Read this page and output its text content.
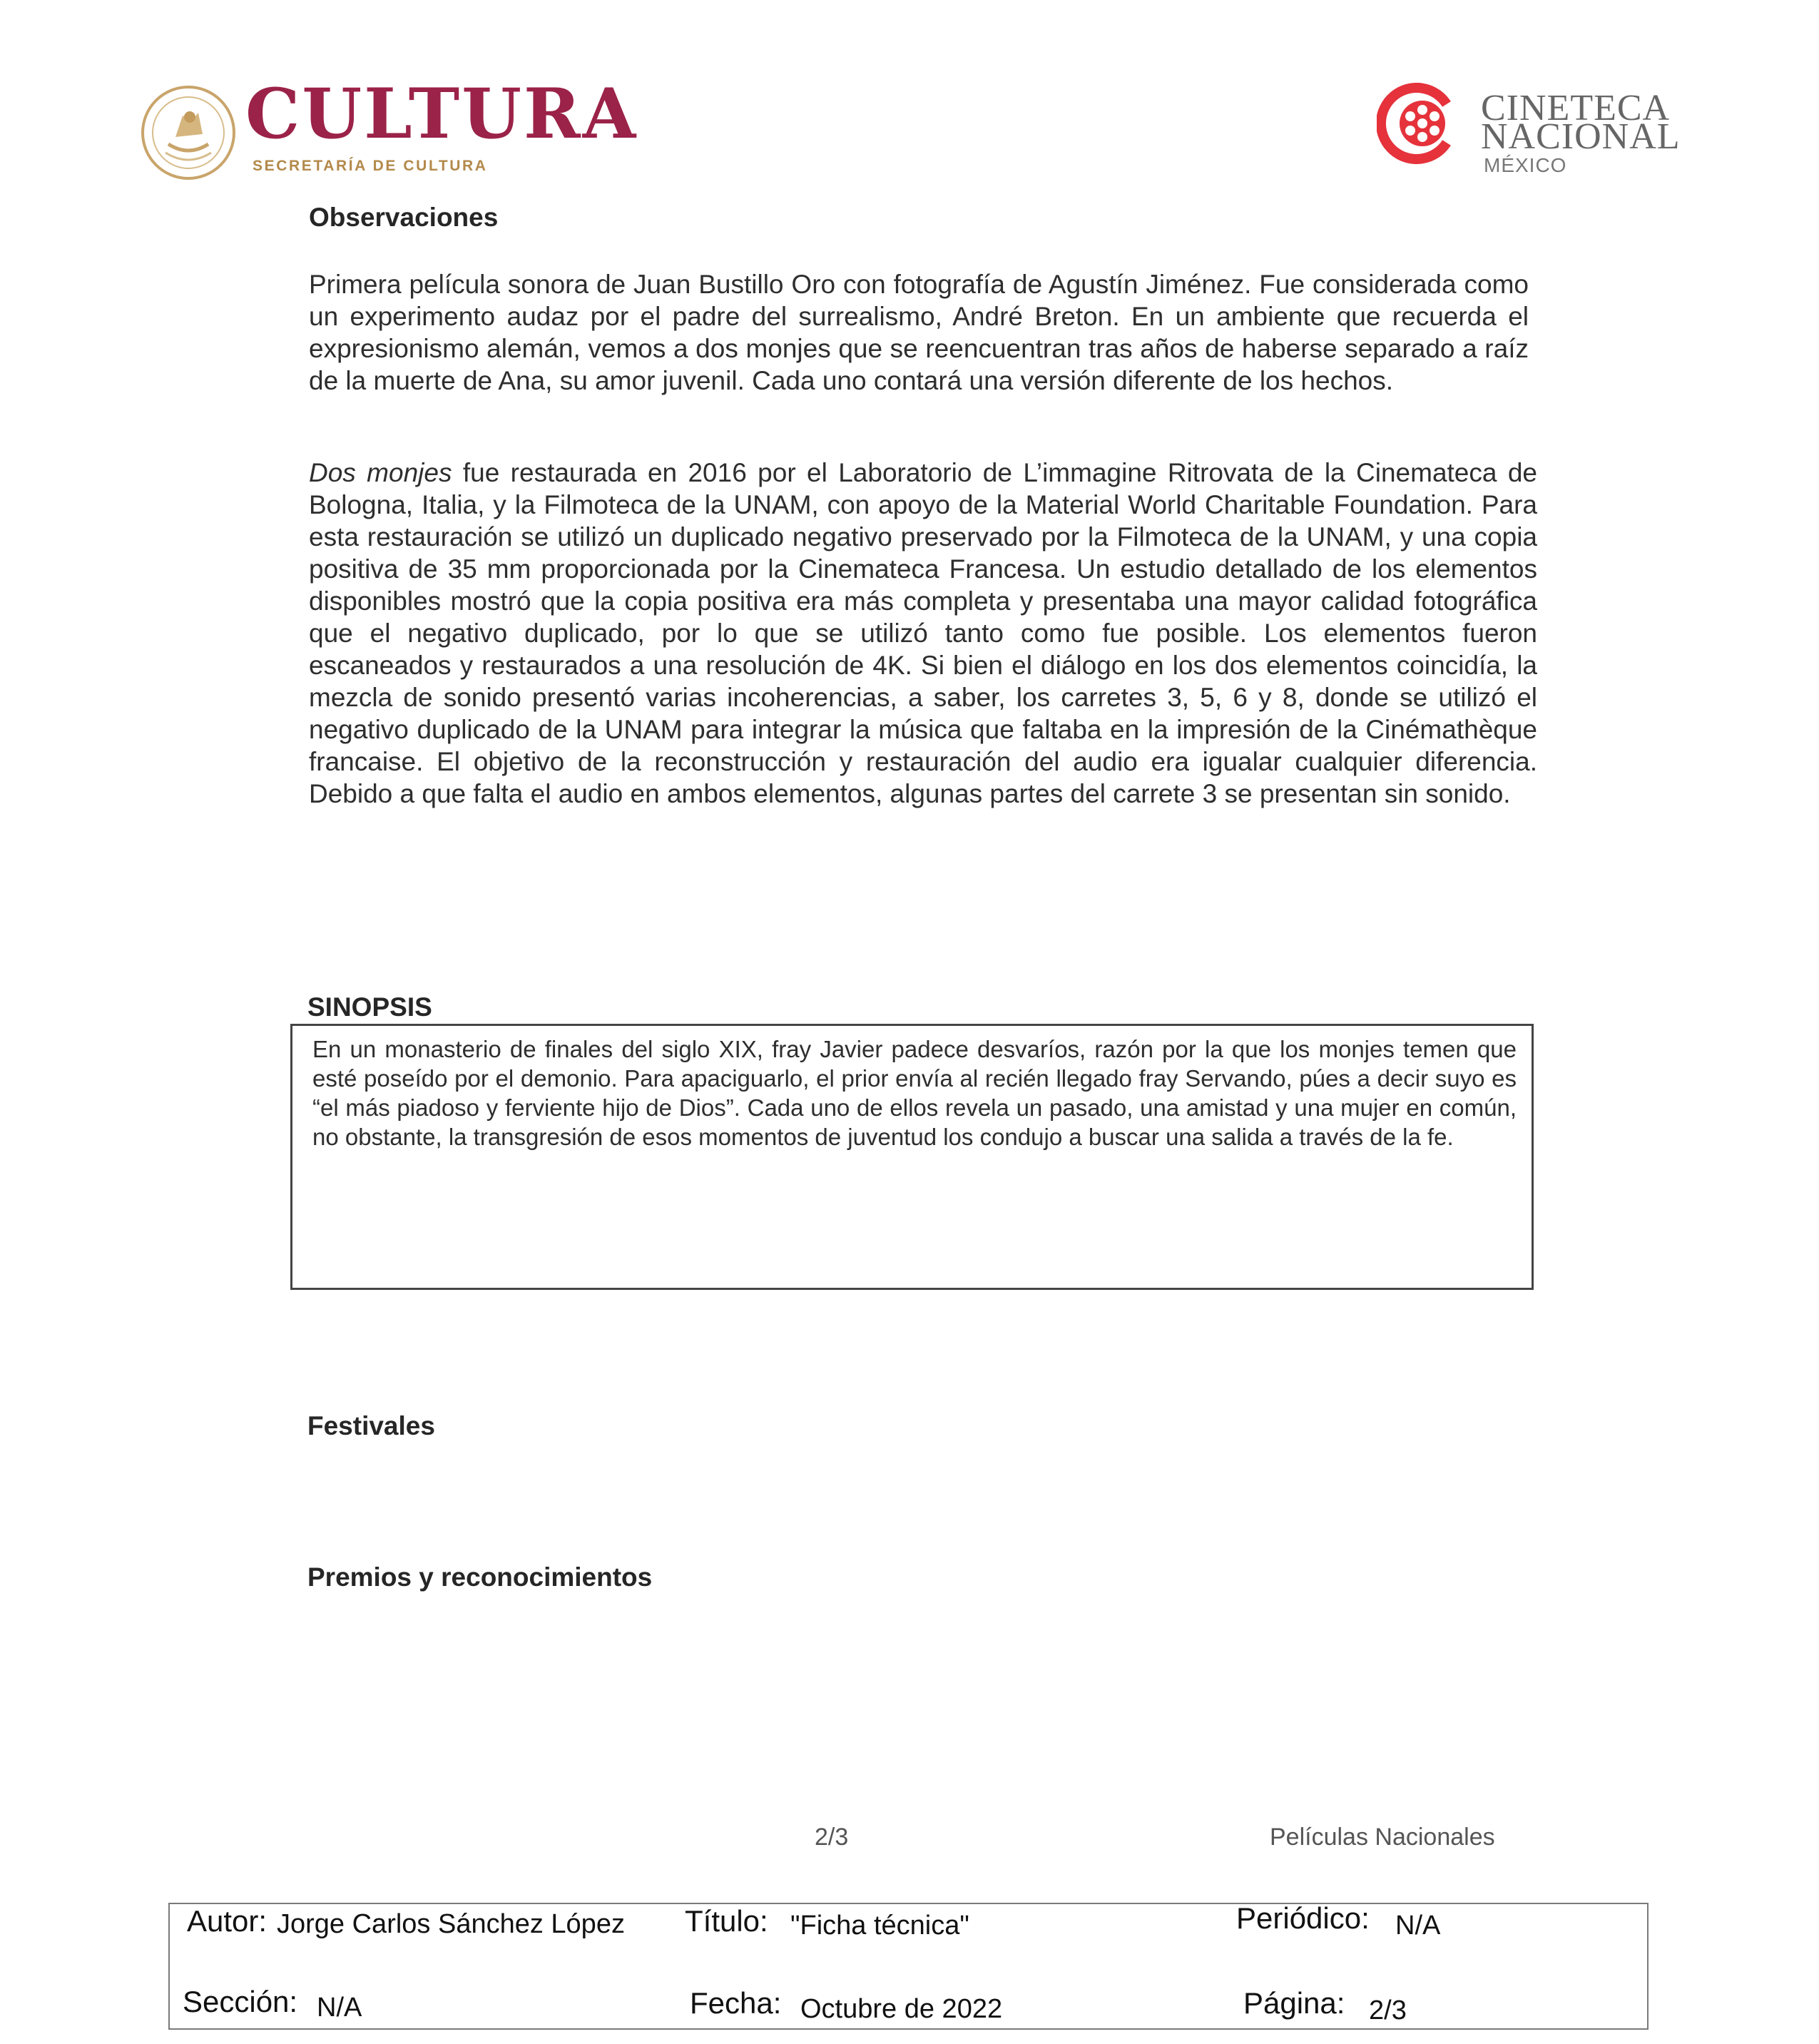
CULTURA
SECRETARÍA DE CULTURA
CINETECA
NACIONAL
MÉXICO
Observaciones
Primera película sonora de Juan Bustillo Oro con fotografía de Agustín Jiménez. Fue considerada como un experimento audaz por el padre del surrealismo, André Breton. En un ambiente que recuerda el expresionismo alemán, vemos a dos monjes que se reencuentran tras años de haberse separado a raíz de la muerte de Ana, su amor juvenil. Cada uno contará una versión diferente de los hechos.
Dos monjes fue restaurada en 2016 por el Laboratorio de L’immagine Ritrovata de la Cinemateca de Bologna, Italia, y la Filmoteca de la UNAM, con apoyo de la Material World Charitable Foundation. Para esta restauración se utilizó un duplicado negativo preservado por la Filmoteca de la UNAM, y una copia positiva de 35 mm proporcionada por la Cinemateca Francesa. Un estudio detallado de los elementos disponibles mostró que la copia positiva era más completa y presentaba una mayor calidad fotográfica que el negativo duplicado, por lo que se utilizó tanto como fue posible. Los elementos fueron escaneados y restaurados a una resolución de 4K. Si bien el diálogo en los dos elementos coincidía, la mezcla de sonido presentó varias incoherencias, a saber, los carretes 3, 5, 6 y 8, donde se utilizó el negativo duplicado de la UNAM para integrar la música que faltaba en la impresión de la Cinémathèque francaise. El objetivo de la reconstrucción y restauración del audio era igualar cualquier diferencia. Debido a que falta el audio en ambos elementos, algunas partes del carrete 3 se presentan sin sonido.
SINOPSIS
En un monasterio de finales del siglo XIX, fray Javier padece desvaríos, razón por la que los monjes temen que esté poseído por el demonio. Para apaciguarlo, el prior envía al recién llegado fray Servando, púes a decir suyo es “el más piadoso y ferviente hijo de Dios”. Cada uno de ellos revela un pasado, una amistad y una mujer en común, no obstante, la transgresión de esos momentos de juventud los condujo a buscar una salida a través de la fe.
Festivales
Premios y reconocimientos
2/3	Películas Nacionales
Autor: Jorge Carlos Sánchez López Título: "Ficha técnica"	Periódico: N/A
Sección: N/A	Fecha: Octubre de 2022	Página: 2/3
